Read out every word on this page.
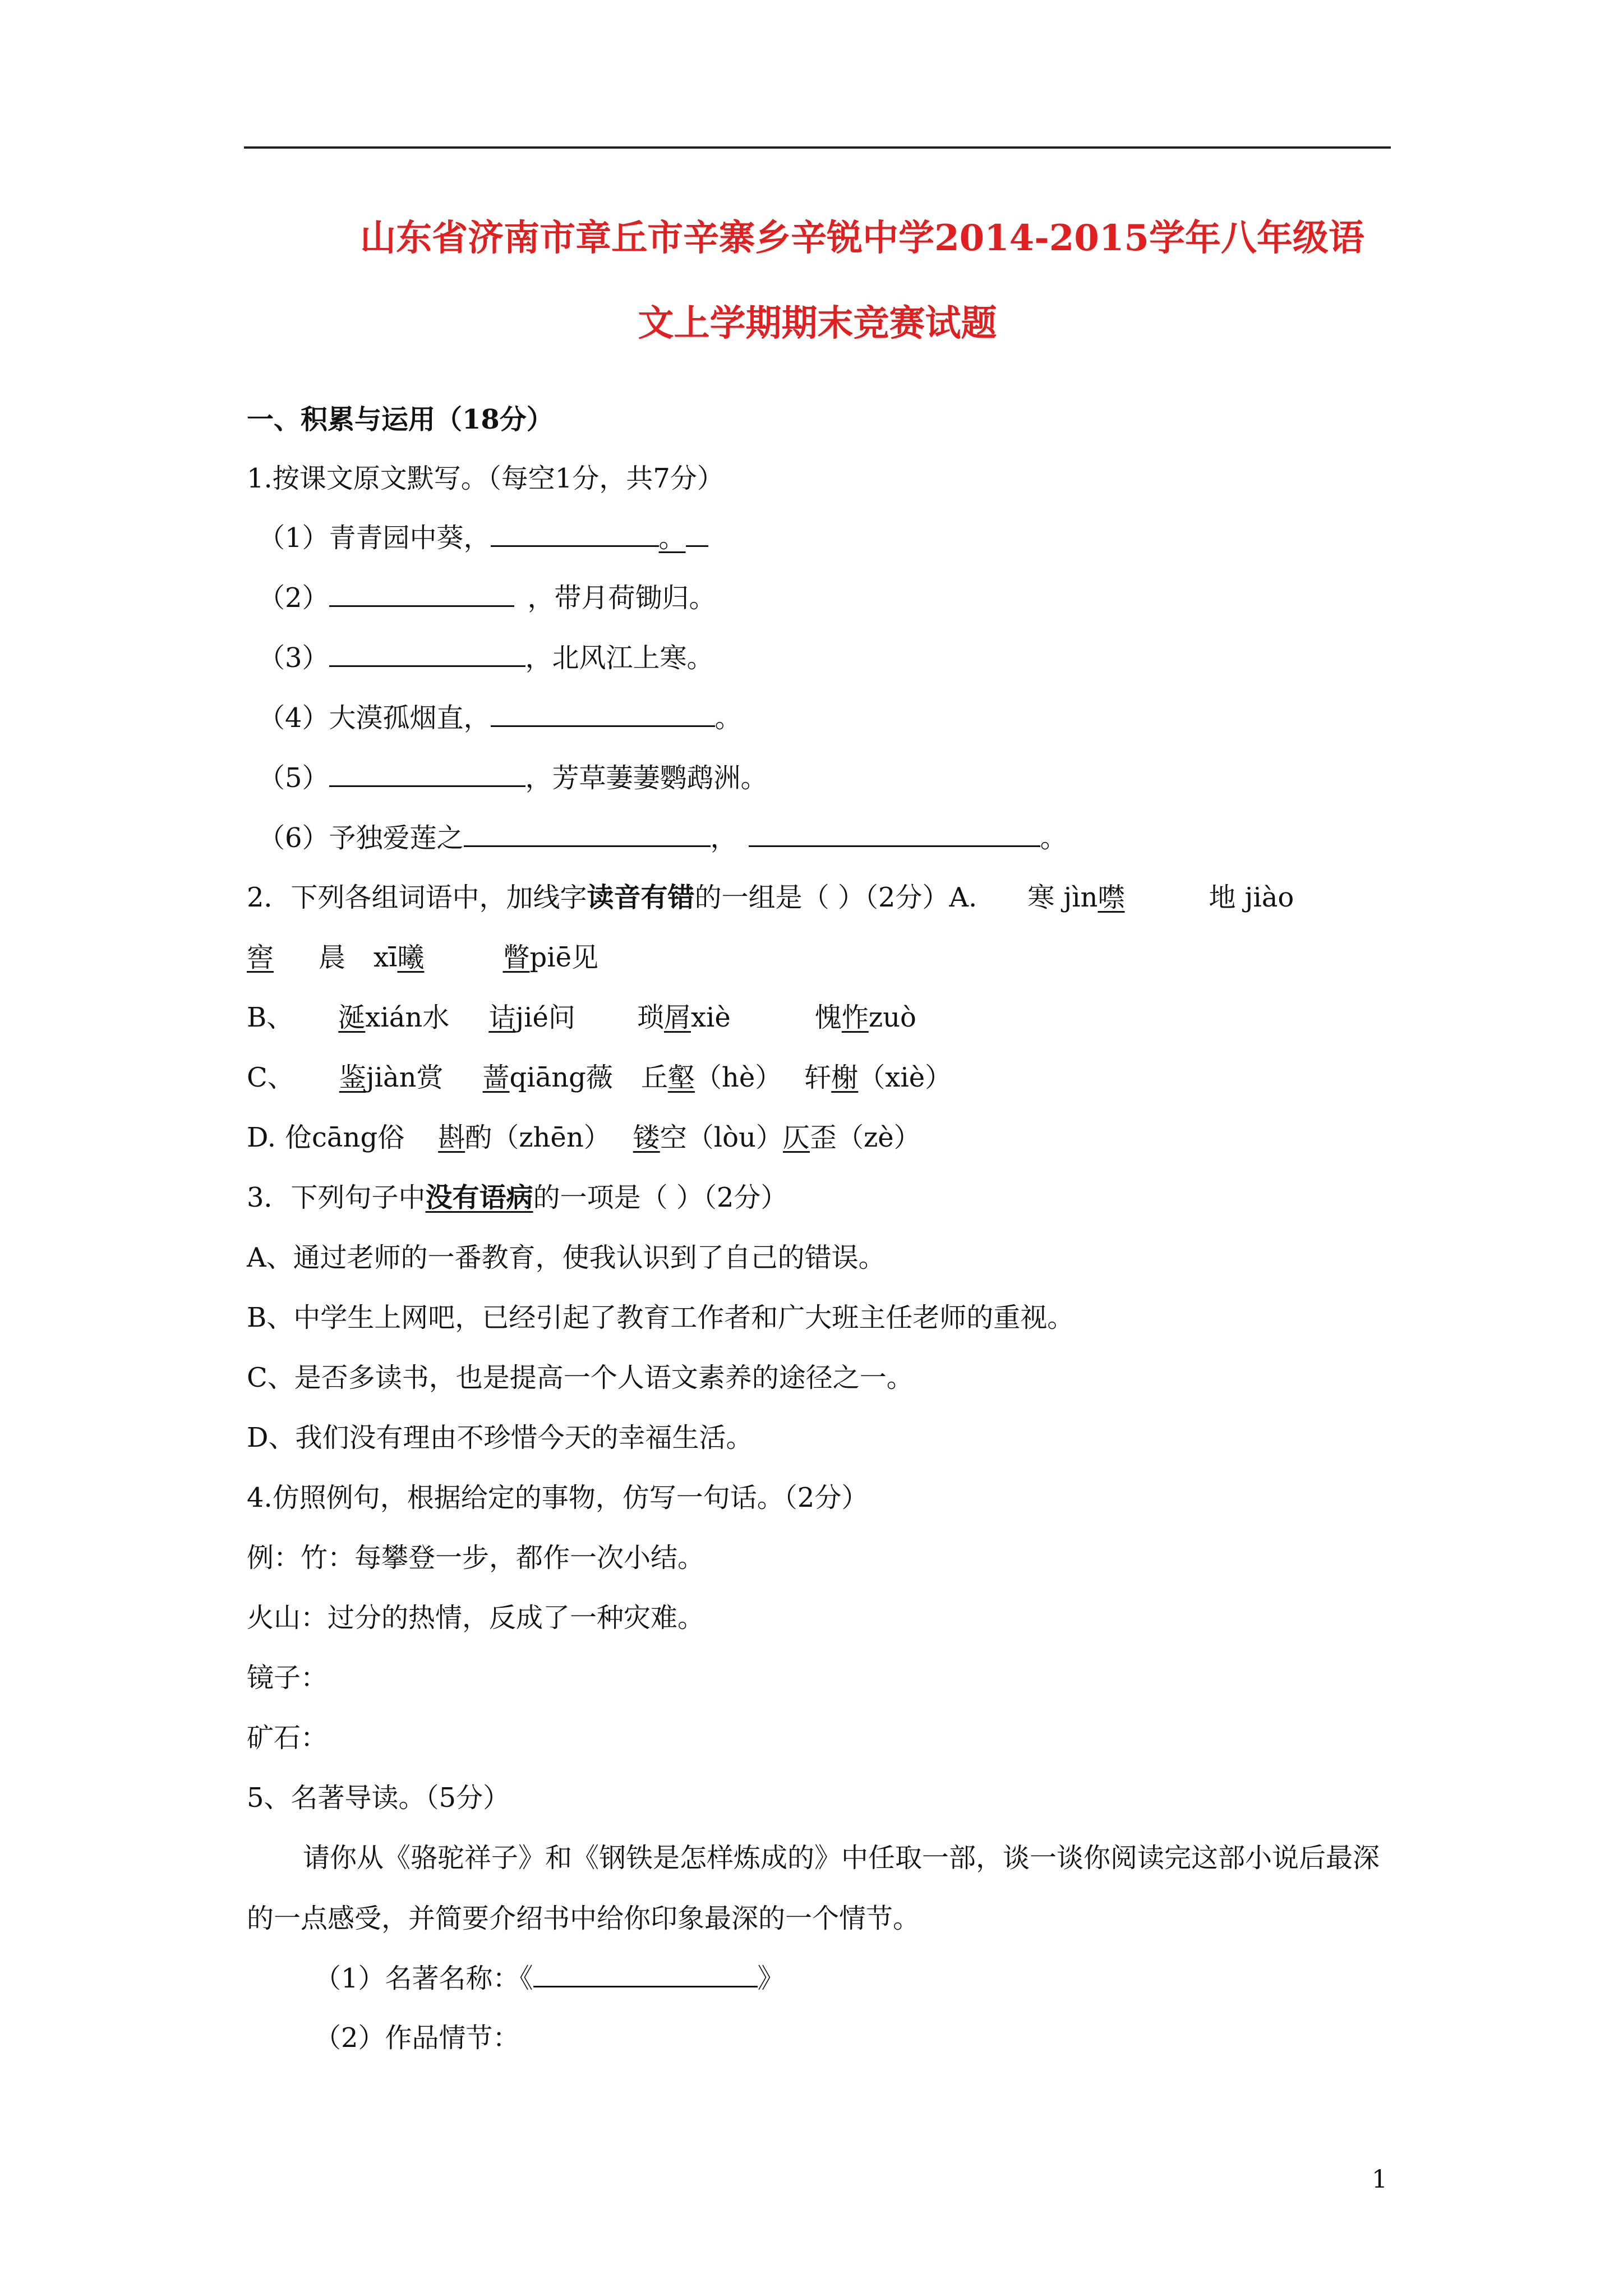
山东省济南市章丘市辛寨乡辛锐中学2014-2015学年八年级语
文上学期期末竞赛试题
一、积累与运用（18分）
1.按课文原文默写。（每空1分，共7分）
（1）青青园中葵，	。
（2）	，带月荷锄归。
（3）	，北风江上寒。
（4）大漠孤烟直，	。
（5）	，芳草萋萋鹦鹉洲。
（6）予独爱莲之	，	。
2．下列各组词语中，加线字读音有错的一组是（ ）（2分）A. 寒 jìn噤	地 jiào
窖 晨 xī曦	瞥piē见
B、 涎xián水 诘jié问 琐屑xiè	愧怍zuò
C、 鉴jiàn赏 蔷qiāng薇 丘壑（hè） 轩榭（xiè）
D. 伧cāng俗 斟酌（zhēn） 镂空（lòu）仄歪（zè）
3．下列句子中没有语病的一项是（ ）（2分）
A、通过老师的一番教育，使我认识到了自己的错误。
B、中学生上网吧，已经引起了教育工作者和广大班主任老师的重视。
C、是否多读书，也是提高一个人语文素养的途径之一。
D、我们没有理由不珍惜今天的幸福生活。
4.仿照例句，根据给定的事物，仿写一句话。（2分）
例：竹：每攀登一步，都作一次小结。
火山：过分的热情，反成了一种灾难。
镜子：
矿石：
5、名著导读。（5分）
请你从《骆驼祥子》和《钢铁是怎样炼成的》中任取一部，谈一谈你阅读完这部小说后最深的一点感受，并简要介绍书中给你印象最深的一个情节。
（1）名著名称：《	》
（2）作品情节：
1
